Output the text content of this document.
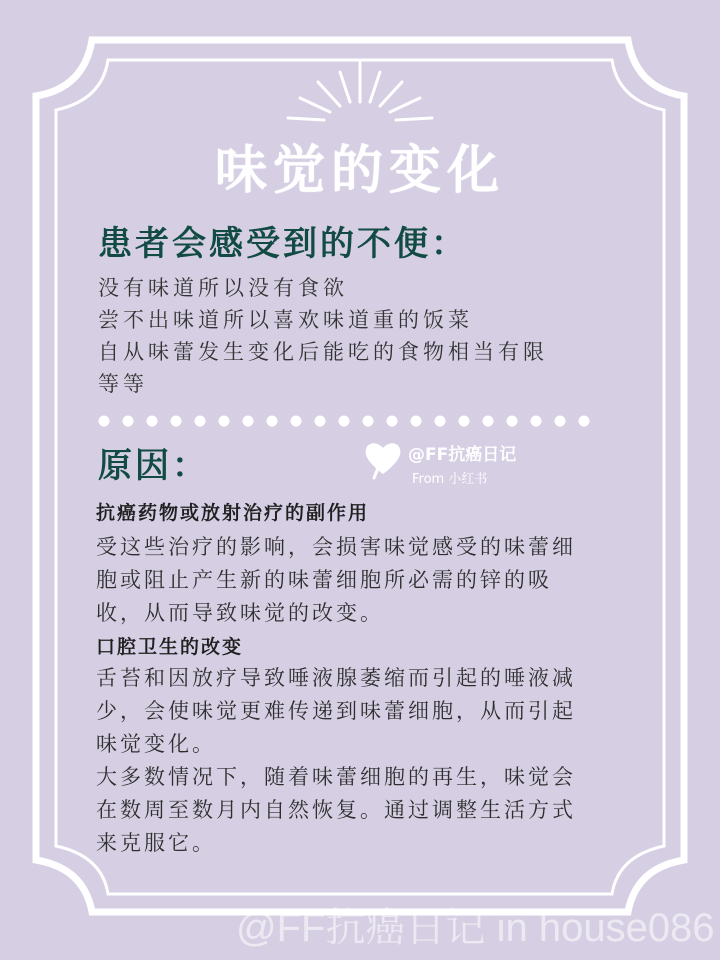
味觉的变化
患者会感受到的不便：
没有味道所以没有食欲
尝不出味道所以喜欢味道重的饭菜
自从味蕾发生变化后能吃的食物相当有限
等等
原因：	@FF抗癌日记
From 小红书
抗癌药物或放射治疗的副作用
受这些治疗的影响，会损害味觉感受的味蕾细
胞或阻止产生新的味蕾细胞所必需的锌的吸
收，从而导致味觉的改变。
口腔卫生的改变
舌苔和因放疗导致唾液腺萎缩而引起的唾液减
少，会使味觉更难传递到味蕾细胞，从而引起
味觉变化。
大多数情况下，随着味蕾细胞的再生，味觉会
在数周至数月内自然恢复。通过调整生活方式
来克服它。
@FF抗癌日记 in house086
